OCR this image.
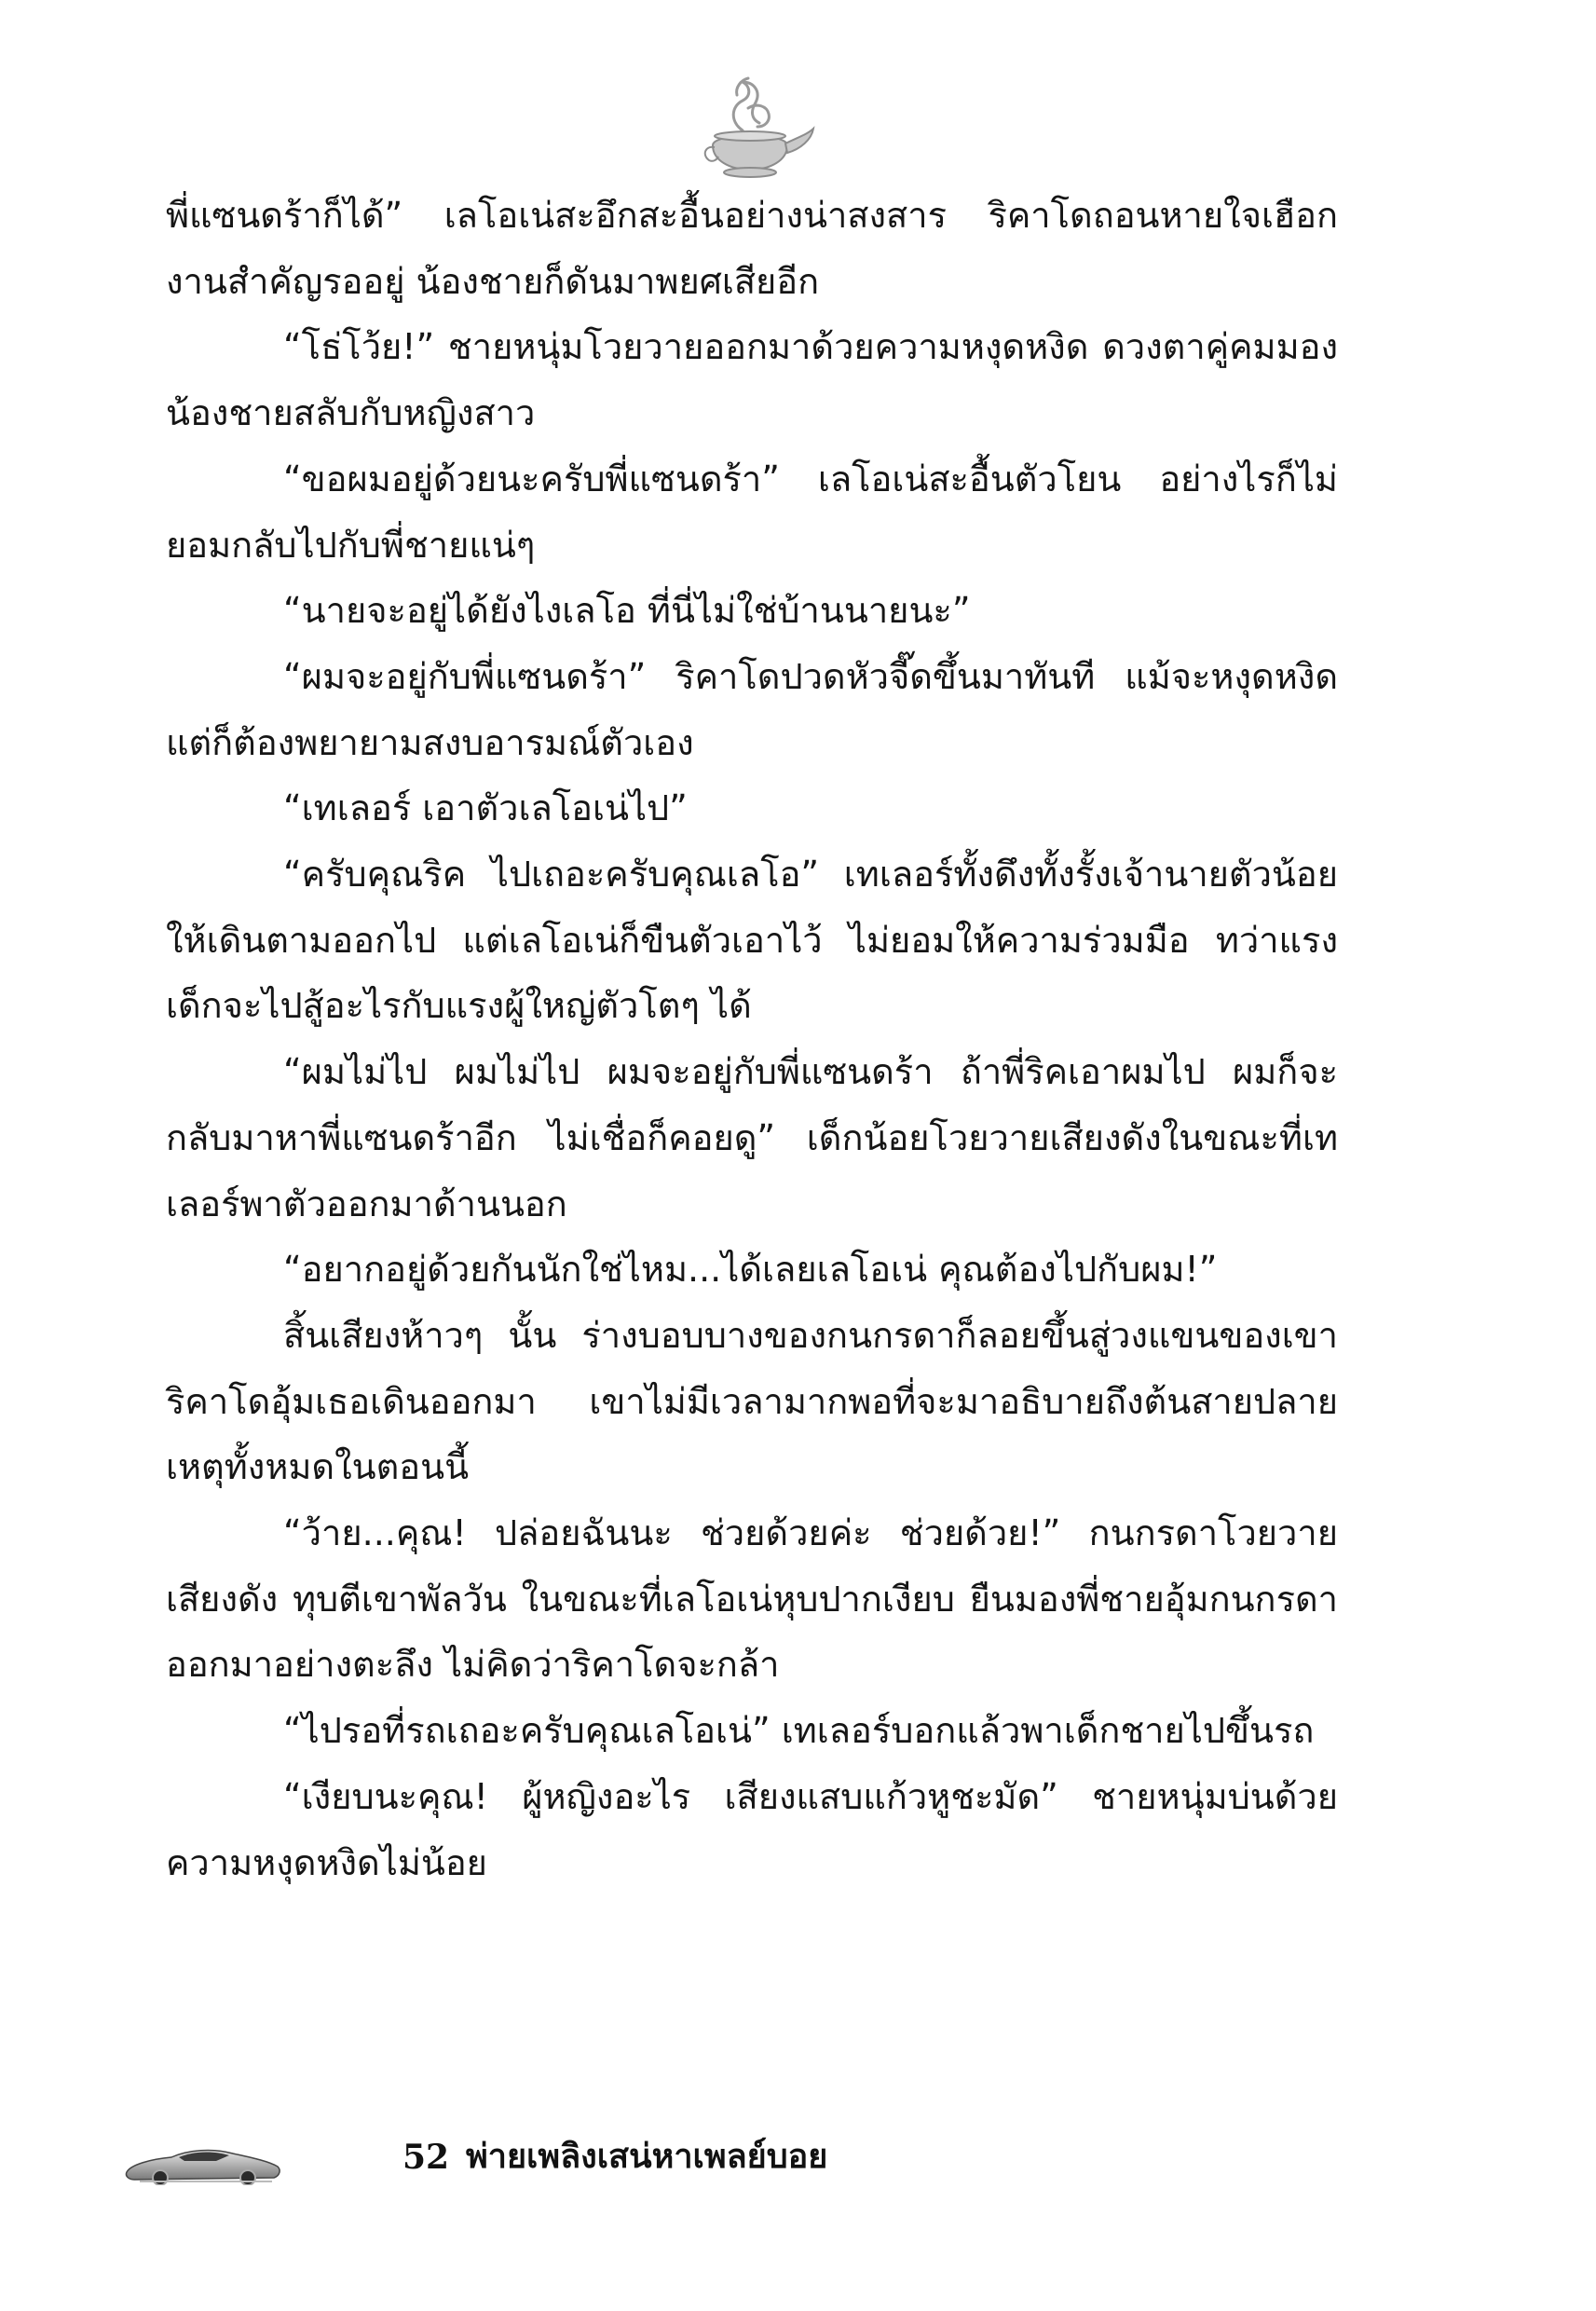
พี่แซนดร้าก็ได้” เลโอเน่สะอึกสะอื้นอย่างน่าสงสาร ริคาโดถอนหายใจเฮือก งานสำคัญรออยู่ น้องชายก็ดันมาพยศเสียอีก

“โธ่โว้ย!” ชายหนุ่มโวยวายออกมาด้วยความหงุดหงิด ดวงตาคู่คมมองน้องชายสลับกับหญิงสาว

“ขอผมอยู่ด้วยนะครับพี่แซนดร้า” เลโอเน่สะอื้นตัวโยน อย่างไรก็ไม่ยอมกลับไปกับพี่ชายแน่ๆ

“นายจะอยู่ได้ยังไงเลโอ ที่นี่ไม่ใช่บ้านนายนะ”

“ผมจะอยู่กับพี่แซนดร้า” ริคาโดปวดหัวจี๊ดขึ้นมาทันที แม้จะหงุดหงิด แต่ก็ต้องพยายามสงบอารมณ์ตัวเอง

“เทเลอร์ เอาตัวเลโอเน่ไป”

“ครับคุณริค ไปเถอะครับคุณเลโอ” เทเลอร์ทั้งดึงทั้งรั้งเจ้านายตัวน้อยให้เดินตามออกไป แต่เลโอเน่ก็ขืนตัวเอาไว้ ไม่ยอมให้ความร่วมมือ ทว่าแรงเด็กจะไปสู้อะไรกับแรงผู้ใหญ่ตัวโตๆ ได้

“ผมไม่ไป ผมไม่ไป ผมจะอยู่กับพี่แซนดร้า ถ้าพี่ริคเอาผมไป ผมก็จะกลับมาหาพี่แซนดร้าอีก ไม่เชื่อก็คอยดู” เด็กน้อยโวยวายเสียงดังในขณะที่เทเลอร์พาตัวออกมาด้านนอก

“อยากอยู่ด้วยกันนักใช่ไหม...ได้เลยเลโอเน่ คุณต้องไปกับผม!”

สิ้นเสียงห้าวๆ นั้น ร่างบอบบางของกนกรดาก็ลอยขึ้นสู่วงแขนของเขา ริคาโดอุ้มเธอเดินออกมา เขาไม่มีเวลามากพอที่จะมาอธิบายถึงต้นสายปลายเหตุทั้งหมดในตอนนี้

“ว้าย...คุณ! ปล่อยฉันนะ ช่วยด้วยค่ะ ช่วยด้วย!” กนกรดาโวยวายเสียงดัง ทุบตีเขาพัลวัน ในขณะที่เลโอเน่หุบปากเงียบ ยืนมองพี่ชายอุ้มกนกรดาออกมาอย่างตะลึง ไม่คิดว่าริคาโดจะกล้า

“ไปรอที่รถเถอะครับคุณเลโอเน่” เทเลอร์บอกแล้วพาเด็กชายไปขึ้นรถ

“เงียบนะคุณ! ผู้หญิงอะไร เสียงแสบแก้วหูชะมัด” ชายหนุ่มบ่นด้วยความหงุดหงิดไม่น้อย

52 พ่ายเพลิงเสน่หาเพลย์บอย
